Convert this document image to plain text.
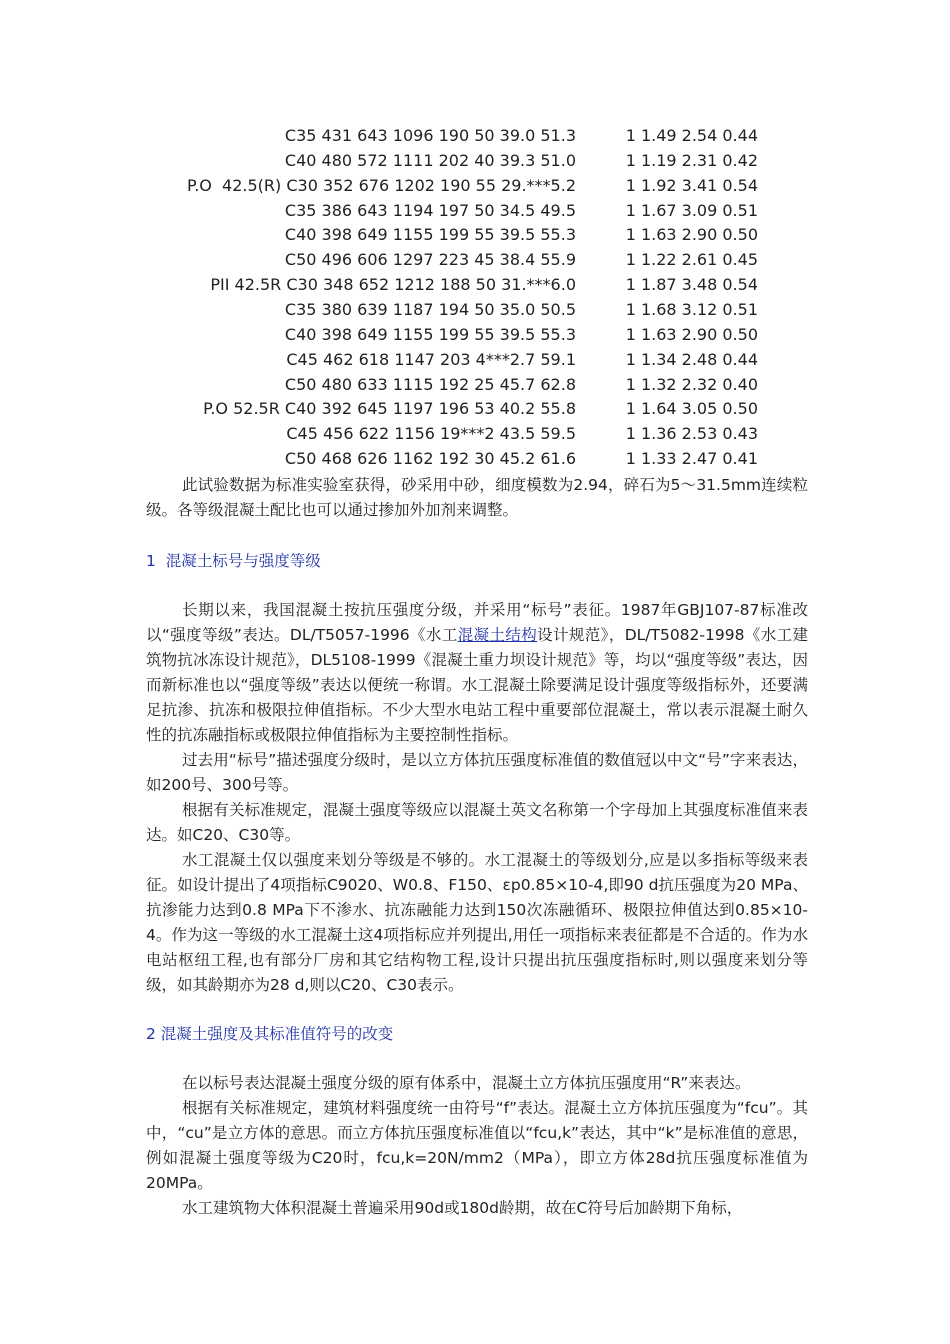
C35 431 643 1096 190 50 39.0 51.3	1 1.49 2.54 0.44
C40 480 572 1111 202 40 39.3 51.0	1 1.19 2.31 0.42
P.O  42.5(R) C30 352 676 1202 190 55 29.***5.2	1 1.92 3.41 0.54
C35 386 643 1194 197 50 34.5 49.5	1 1.67 3.09 0.51
C40 398 649 1155 199 55 39.5 55.3	1 1.63 2.90 0.50
C50 496 606 1297 223 45 38.4 55.9	1 1.22 2.61 0.45
PII 42.5R C30 348 652 1212 188 50 31.***6.0	1 1.87 3.48 0.54
C35 380 639 1187 194 50 35.0 50.5	1 1.68 3.12 0.51
C40 398 649 1155 199 55 39.5 55.3	1 1.63 2.90 0.50
C45 462 618 1147 203 4***2.7 59.1	1 1.34 2.48 0.44
C50 480 633 1115 192 25 45.7 62.8	1 1.32 2.32 0.40
P.O 52.5R C40 392 645 1197 196 53 40.2 55.8	1 1.64 3.05 0.50
C45 456 622 1156 19***2 43.5 59.5	1 1.36 2.53 0.43
C50 468 626 1162 192 30 45.2 61.6	1 1.33 2.47 0.41

此试验数据为标准实验室获得，砂采用中砂，细度模数为2.94，碎石为5～31.5mm连续粒级。各等级混凝土配比也可以通过掺加外加剂来调整。

1  混凝土标号与强度等级

长期以来，我国混凝土按抗压强度分级，并采用“标号”表征。1987年GBJ107-87标准改以“强度等级”表达。DL/T5057-1996《水工混凝土结构设计规范》，DL/T5082-1998《水工建筑物抗冰冻设计规范》，DL5108-1999《混凝土重力坝设计规范》等，均以“强度等级”表达，因而新标准也以“强度等级”表达以便统一称谓。水工混凝土除要满足设计强度等级指标外，还要满足抗渗、抗冻和极限拉伸值指标。不少大型水电站工程中重要部位混凝土，常以表示混凝土耐久性的抗冻融指标或极限拉伸值指标为主要控制性指标。

过去用“标号”描述强度分级时，是以立方体抗压强度标准值的数值冠以中文“号”字来表达，如200号、300号等。

根据有关标准规定，混凝土强度等级应以混凝土英文名称第一个字母加上其强度标准值来表达。如C20、C30等。

水工混凝土仅以强度来划分等级是不够的。水工混凝土的等级划分,应是以多指标等级来表征。如设计提出了4项指标C9020、W0.8、F150、εp0.85×10-4,即90 d抗压强度为20 MPa、抗渗能力达到0.8 MPa下不渗水、抗冻融能力达到150次冻融循环、极限拉伸值达到0.85×10-4。作为这一等级的水工混凝土这4项指标应并列提出,用任一项指标来表征都是不合适的。作为水电站枢纽工程,也有部分厂房和其它结构物工程,设计只提出抗压强度指标时,则以强度来划分等级，如其龄期亦为28 d,则以C20、C30表示。

2 混凝土强度及其标准值符号的改变

在以标号表达混凝土强度分级的原有体系中，混凝土立方体抗压强度用“R”来表达。

根据有关标准规定，建筑材料强度统一由符号“f”表达。混凝土立方体抗压强度为“fcu”。其中，“cu”是立方体的意思。而立方体抗压强度标准值以“fcu,k”表达，其中“k”是标准值的意思，例如混凝土强度等级为C20时，fcu,k=20N/mm2（MPa），即立方体28d抗压强度标准值为20MPa。

水工建筑物大体积混凝土普遍采用90d或180d龄期，故在C符号后加龄期下角标，
